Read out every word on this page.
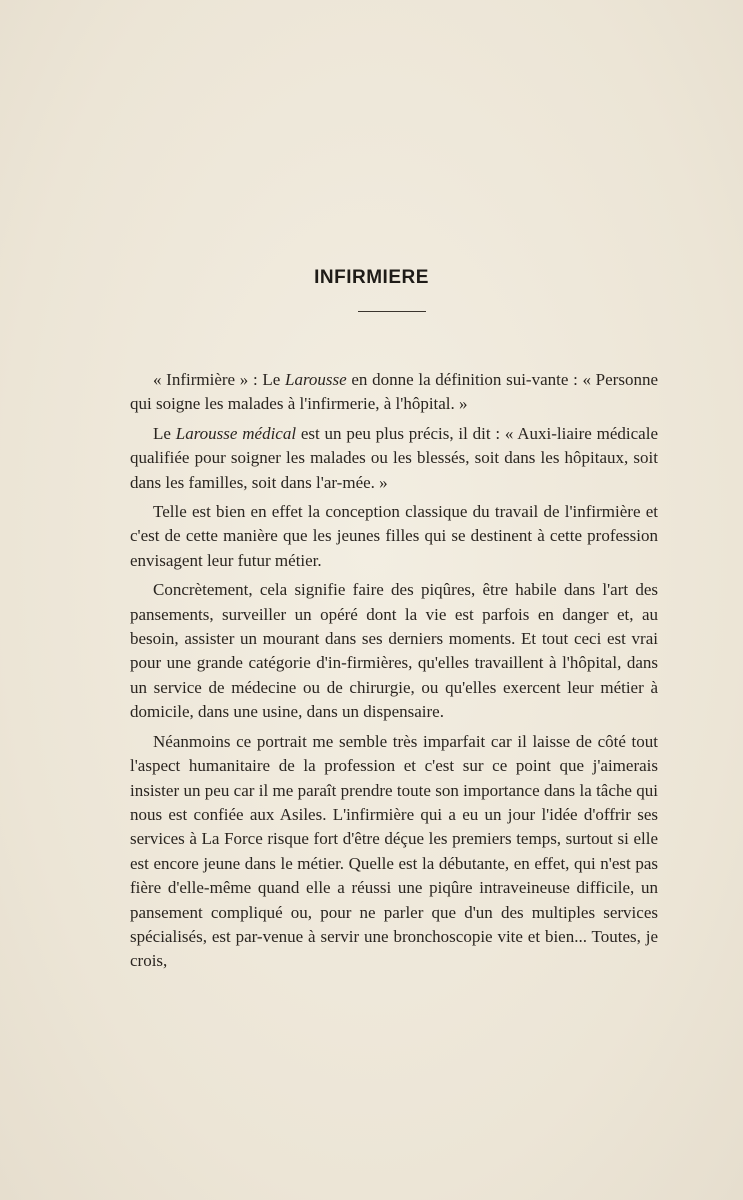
INFIRMIERE

« Infirmière » : Le Larousse en donne la définition sui-vante : « Personne qui soigne les malades à l'infirmerie, à l'hôpital. »

Le Larousse médical est un peu plus précis, il dit : « Auxi-liaire médicale qualifiée pour soigner les malades ou les blessés, soit dans les hôpitaux, soit dans les familles, soit dans l'ar-mée. »

Telle est bien en effet la conception classique du travail de l'infirmière et c'est de cette manière que les jeunes filles qui se destinent à cette profession envisagent leur futur métier.

Concrètement, cela signifie faire des piqûres, être habile dans l'art des pansements, surveiller un opéré dont la vie est parfois en danger et, au besoin, assister un mourant dans ses derniers moments. Et tout ceci est vrai pour une grande catégorie d'in-firmières, qu'elles travaillent à l'hôpital, dans un service de médecine ou de chirurgie, ou qu'elles exercent leur métier à domicile, dans une usine, dans un dispensaire.

Néanmoins ce portrait me semble très imparfait car il laisse de côté tout l'aspect humanitaire de la profession et c'est sur ce point que j'aimerais insister un peu car il me paraît prendre toute son importance dans la tâche qui nous est confiée aux Asiles. L'infirmière qui a eu un jour l'idée d'offrir ses services à La Force risque fort d'être déçue les premiers temps, surtout si elle est encore jeune dans le métier. Quelle est la débutante, en effet, qui n'est pas fière d'elle-même quand elle a réussi une piqûre intraveineuse difficile, un pansement compliqué ou, pour ne parler que d'un des multiples services spécialisés, est par-venue à servir une bronchoscopie vite et bien... Toutes, je crois,
